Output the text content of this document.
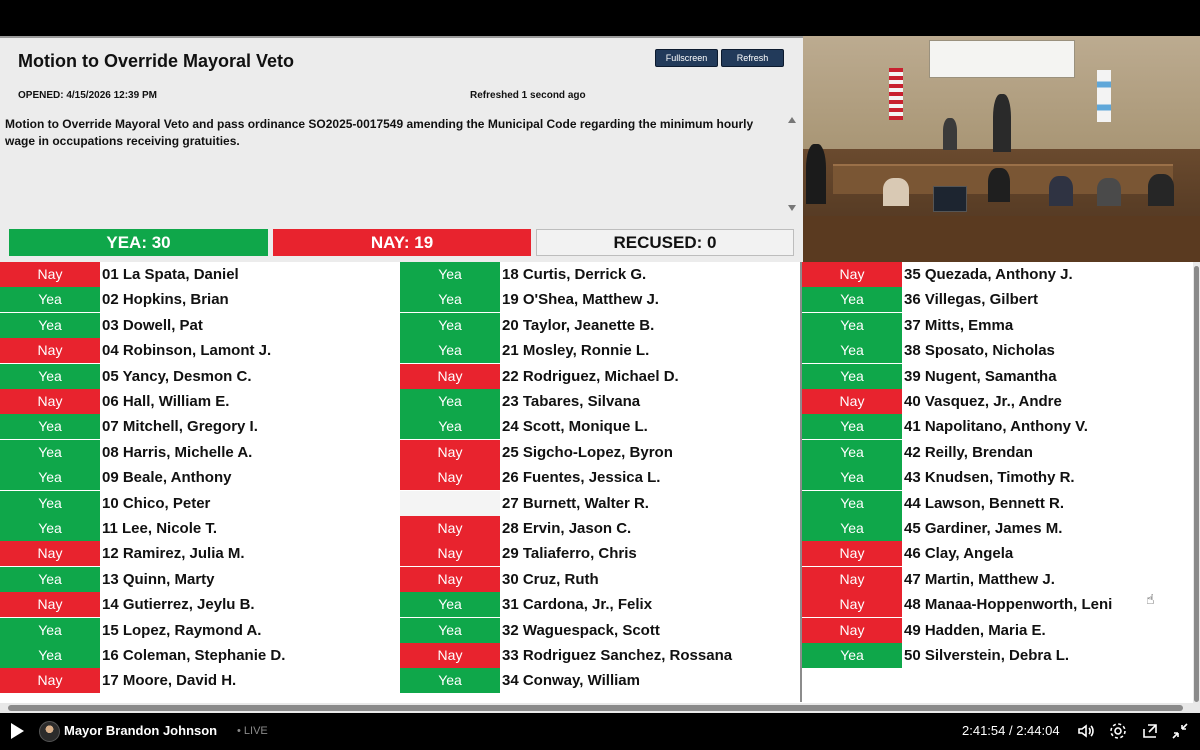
Motion to Override Mayoral Veto	Fullscreen	Refresh
OPENED: 4/15/2026 12:39 PM	Refreshed 1 second ago
Motion to Override Mayoral Veto and pass ordinance SO2025-0017549 amending the Municipal Code regarding the minimum hourly wage in occupations receiving gratuities.
YEA: 30	NAY: 19	RECUSED: 0
Nay	01 La Spata, Daniel
Yea	02 Hopkins, Brian
Yea	03 Dowell, Pat
Nay	04 Robinson, Lamont J.
Yea	05 Yancy, Desmon C.
Nay	06 Hall, William E.
Yea	07 Mitchell, Gregory I.
Yea	08 Harris, Michelle A.
Yea	09 Beale, Anthony
Yea	10 Chico, Peter
Yea	11 Lee, Nicole T.
Nay	12 Ramirez, Julia M.
Yea	13 Quinn, Marty
Nay	14 Gutierrez, Jeylu B.
Yea	15 Lopez, Raymond A.
Yea	16 Coleman, Stephanie D.
Nay	17 Moore, David H.
Yea	18 Curtis, Derrick G.
Yea	19 O'Shea, Matthew J.
Yea	20 Taylor, Jeanette B.
Yea	21 Mosley, Ronnie L.
Nay	22 Rodriguez, Michael D.
Yea	23 Tabares, Silvana
Yea	24 Scott, Monique L.
Nay	25 Sigcho-Lopez, Byron
Nay	26 Fuentes, Jessica L.
27 Burnett, Walter R.
Nay	28 Ervin, Jason C.
Nay	29 Taliaferro, Chris
Nay	30 Cruz, Ruth
Yea	31 Cardona, Jr., Felix
Yea	32 Waguespack, Scott
Nay	33 Rodriguez Sanchez, Rossana
Yea	34 Conway, William
Nay	35 Quezada, Anthony J.
Yea	36 Villegas, Gilbert
Yea	37 Mitts, Emma
Yea	38 Sposato, Nicholas
Yea	39 Nugent, Samantha
Nay	40 Vasquez, Jr., Andre
Yea	41 Napolitano, Anthony V.
Yea	42 Reilly, Brendan
Yea	43 Knudsen, Timothy R.
Yea	44 Lawson, Bennett R.
Yea	45 Gardiner, James M.
Nay	46 Clay, Angela
Nay	47 Martin, Matthew J.
Nay	48 Manaa-Hoppenworth, Leni
Nay	49 Hadden, Maria E.
Yea	50 Silverstein, Debra L.
☝
Mayor Brandon Johnson • LIVE	2:41:54 / 2:44:04
